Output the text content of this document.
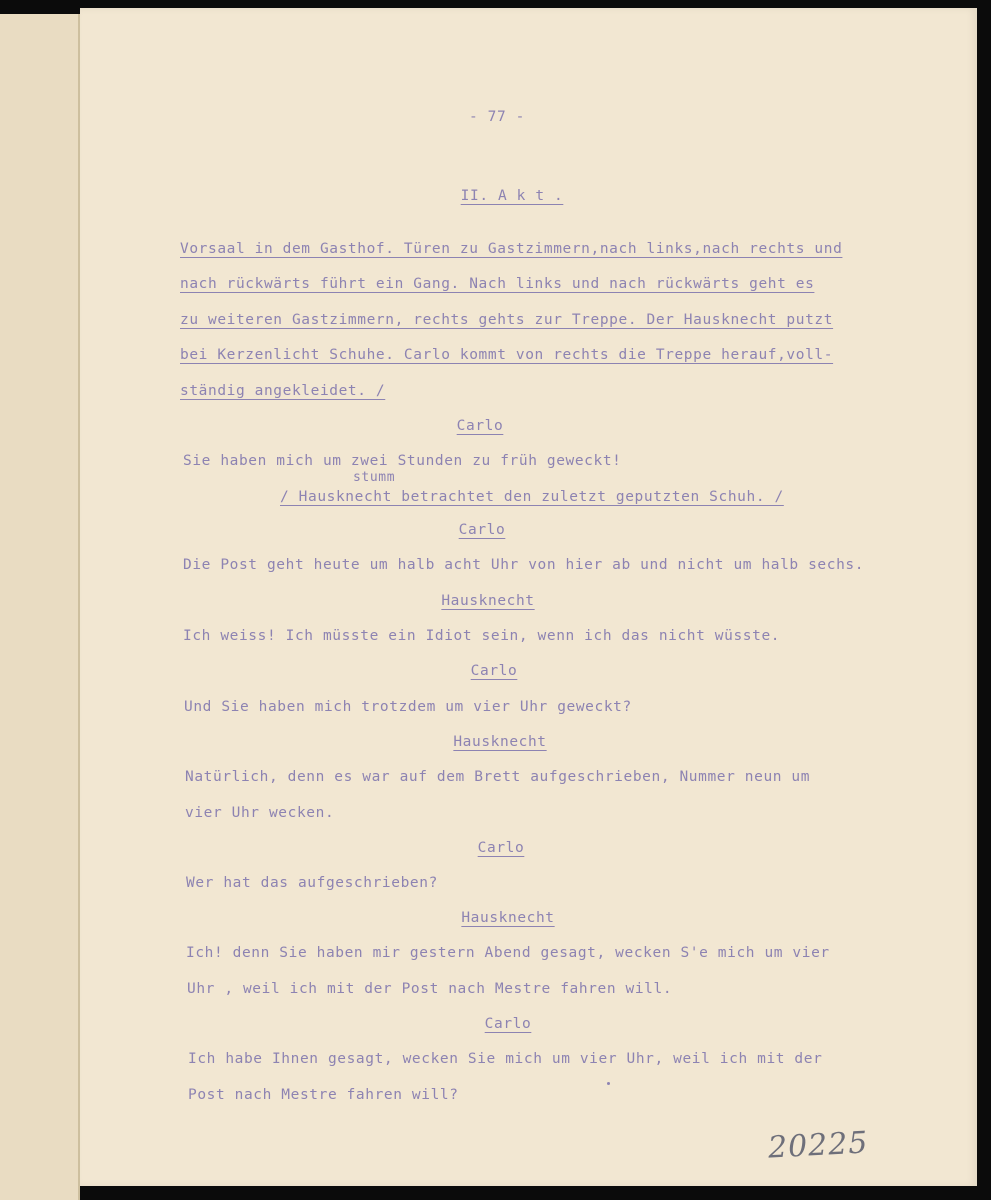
- 77 -

II. A k t .

Vorsaal in dem Gasthof. Türen zu Gastzimmern,nach links,nach rechts und

nach rückwärts führt ein Gang. Nach links und nach rückwärts geht es

zu weiteren Gastzimmern, rechts gehts zur Treppe. Der Hausknecht putzt

bei Kerzenlicht Schuhe. Carlo kommt von rechts die Treppe herauf,voll-

ständig angekleidet. /

Carlo

Sie haben mich um zwei Stunden zu früh geweckt!

stumm

/ Hausknecht betrachtet den zuletzt geputzten Schuh. /

Carlo

Die Post geht heute um halb acht Uhr von hier ab und nicht um halb sechs.

Hausknecht

Ich weiss! Ich müsste ein Idiot sein, wenn ich das nicht wüsste.

Carlo

Und Sie haben mich trotzdem um vier Uhr geweckt?

Hausknecht

Natürlich, denn es war auf dem Brett aufgeschrieben, Nummer neun um

vier Uhr wecken.

Carlo

Wer hat das aufgeschrieben?

Hausknecht

Ich! denn Sie haben mir gestern Abend gesagt, wecken S'e mich um vier

Uhr , weil ich mit der Post nach Mestre fahren will.

Carlo

Ich habe Ihnen gesagt, wecken Sie mich um vier Uhr, weil ich mit der

Post nach Mestre fahren will?

20225
